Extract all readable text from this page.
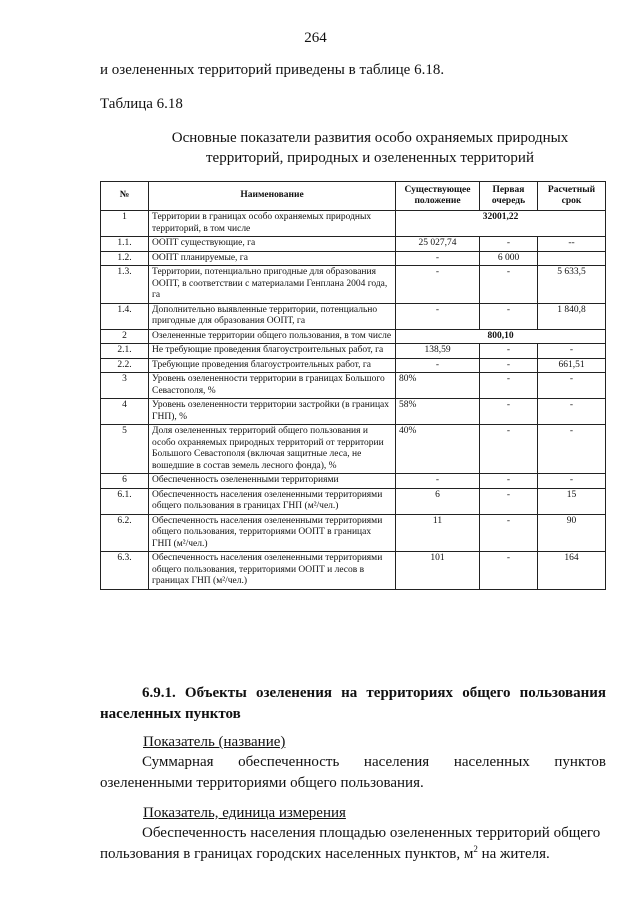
264
и озелененных территорий приведены в таблице 6.18.
Таблица 6.18
Основные показатели развития особо охраняемых природных территорий, природных и озелененных территорий
№	Наименование	Существующее положение	Первая очередь	Расчетный срок
1	Территории в границах особо охраняемых природных территорий, в том числе	32001,22		
1.1.	ООПТ существующие, га	25 027,74	-	--
1.2.	ООПТ планируемые, га	-	6 000	
1.3.	Территории, потенциально пригодные для образования ООПТ, в соответствии с материалами Генплана 2004 года, га	-	-	5 633,5
1.4.	Дополнительно выявленные территории, потенциально пригодные для образования ООПТ, га	-	-	1 840,8
2	Озелененные территории общего пользования, в том числе	800,10		
2.1.	Не требующие проведения благоустроительных работ, га	138,59	-	-
2.2.	Требующие проведения благоустроительных работ, га	-	-	661,51
3	Уровень озелененности территории в границах Большого Севастополя, %	80%	-	-
4	Уровень озелененности территории застройки (в границах ГНП), %	58%	-	-
5	Доля озелененных территорий общего пользования и особо охраняемых природных территорий от территории Большого Севастополя (включая защитные леса, не вошедшие в состав земель лесного фонда), %	40%	-	-
6	Обеспеченность озелененными территориями	-	-	-
6.1.	Обеспеченность населения озелененными территориями общего пользования в границах ГНП (м²/чел.)	6	-	15
6.2.	Обеспеченность населения озелененными территориями общего пользования, территориями ООПТ в границах ГНП (м²/чел.)	11	-	90
6.3.	Обеспеченность населения озелененными территориями общего пользования, территориями ООПТ и лесов в границах ГНП (м²/чел.)	101	-	164
6.9.1. Объекты озеленения на территориях общего пользования
населенных пунктов
Показатель (название)
Суммарная обеспеченность населения населенных пунктов
озелененными территориями общего пользования.
Показатель, единица измерения
Обеспеченность населения площадью озелененных территорий общего
пользования в границах городских населенных пунктов, $м^2$ на жителя.
